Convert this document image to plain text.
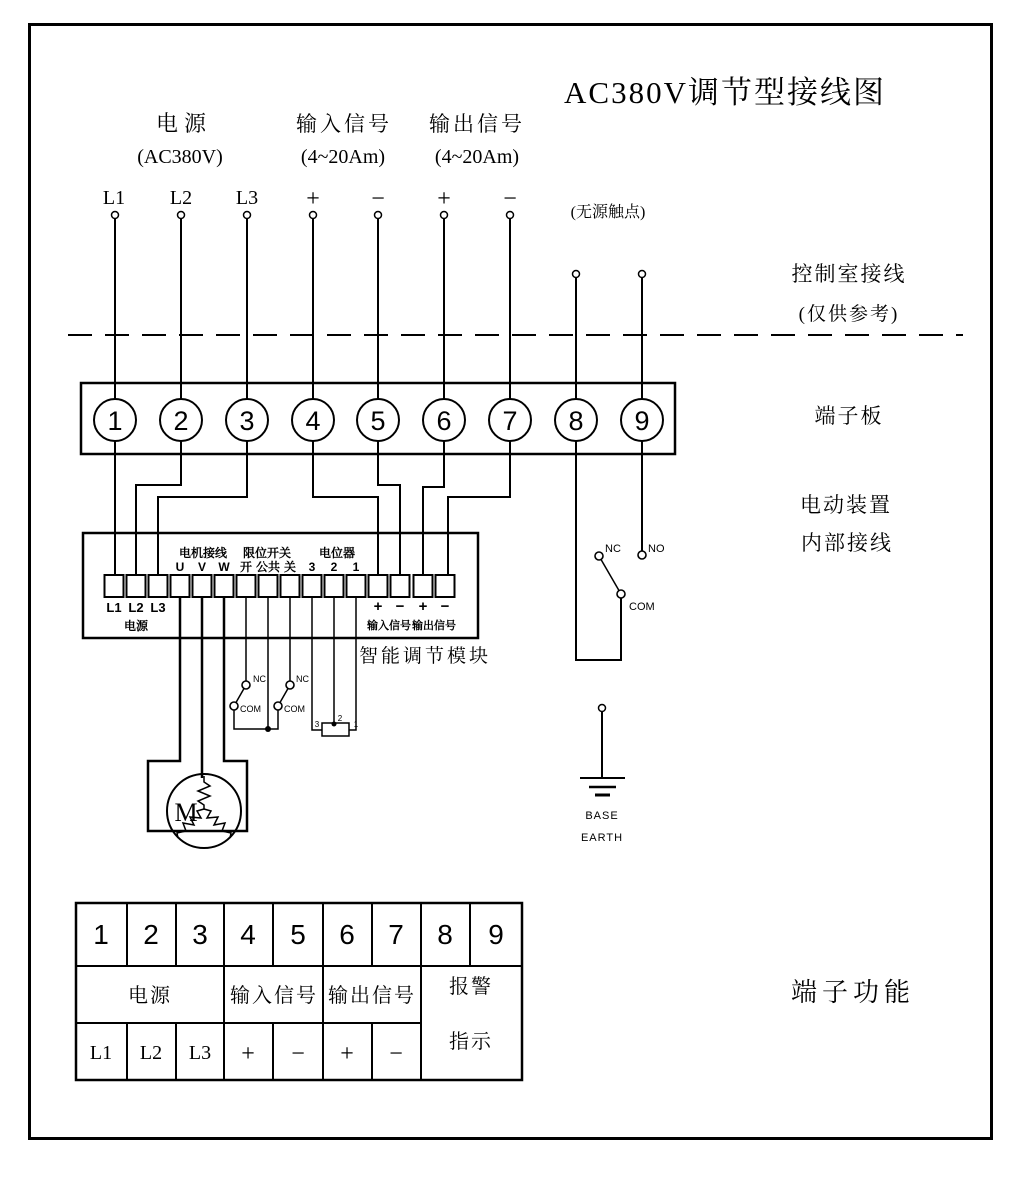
AC380V调节型接线图
电源
(AC380V)
输入信号
(4~20Am)
输出信号
(4~20Am)
L1 L2 L3 + − + −
(无源触点)
控制室接线
(仅供参考)
端子板
电动装置
内部接线
端子功能
1 2 3 4 5 6 7 8 9
电机接线 限位开关 电位器
U V W 开 公共 关 3 2 1
L1 L2 L3
电源
+ − + −
输入信号 输出信号
智能调节模块
M
NC
COM
NC
COM
3
2
1
NC NO
COM
BASE
EARTH
1 2 3 4 5 6 7 8 9
电源	输入信号 输出信号 报警
指示
L1 L2 L3 + − + −
